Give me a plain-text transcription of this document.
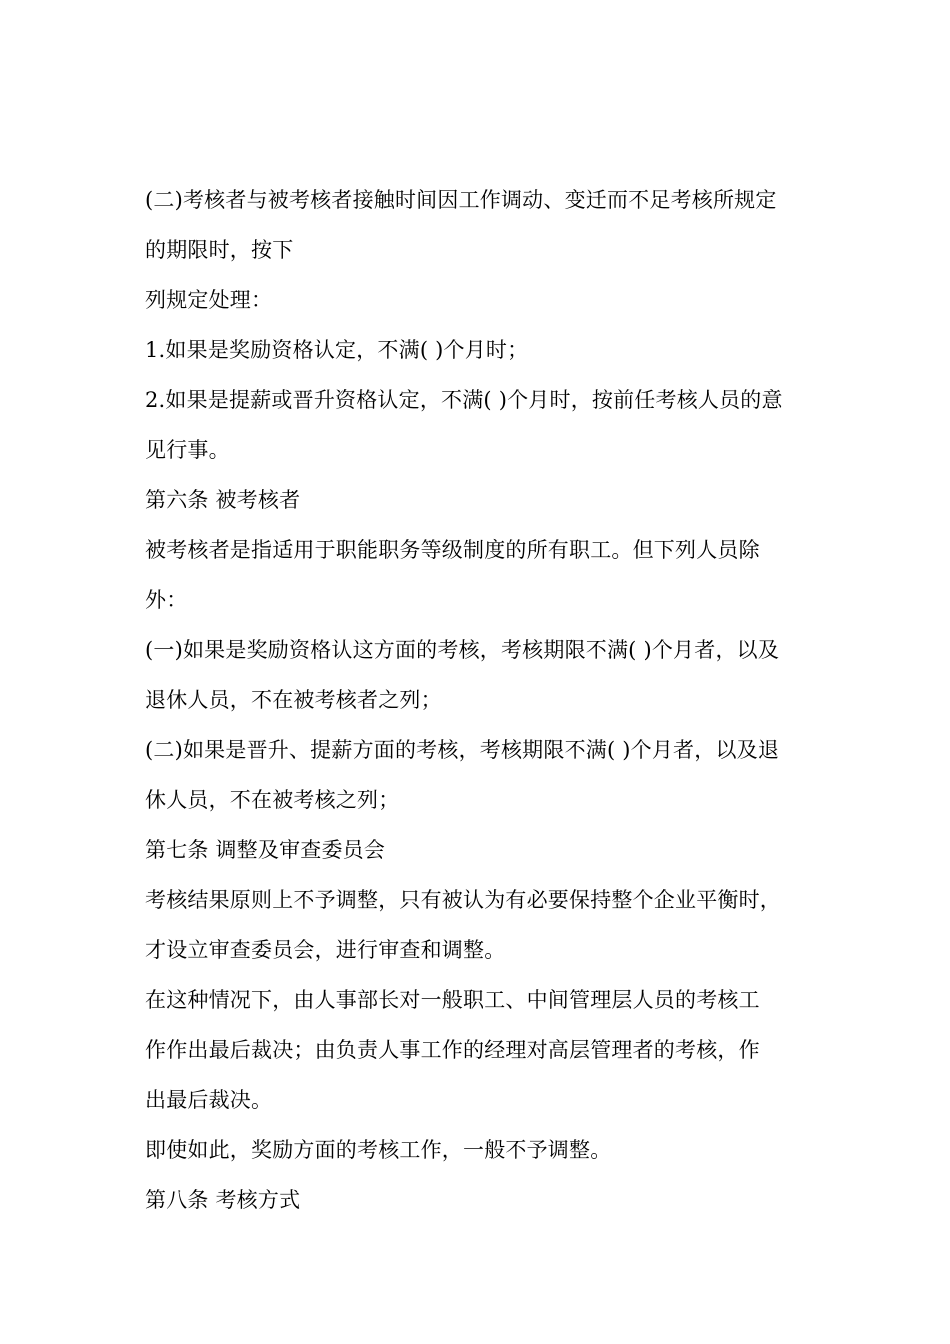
(二)考核者与被考核者接触时间因工作调动、变迁而不足考核所规定
的期限时，按下
列规定处理：
1.如果是奖励资格认定，不满( )个月时；
2.如果是提薪或晋升资格认定，不满( )个月时，按前任考核人员的意
见行事。
第六条 被考核者
被考核者是指适用于职能职务等级制度的所有职工。但下列人员除
外：
(一)如果是奖励资格认这方面的考核，考核期限不满( )个月者，以及
退休人员，不在被考核者之列；
(二)如果是晋升、提薪方面的考核，考核期限不满( )个月者，以及退
休人员，不在被考核之列；
第七条 调整及审查委员会
考核结果原则上不予调整，只有被认为有必要保持整个企业平衡时，
才设立审查委员会，进行审查和调整。
在这种情况下，由人事部长对一般职工、中间管理层人员的考核工
作作出最后裁决；由负责人事工作的经理对高层管理者的考核，作
出最后裁决。
即使如此，奖励方面的考核工作，一般不予调整。
第八条 考核方式
